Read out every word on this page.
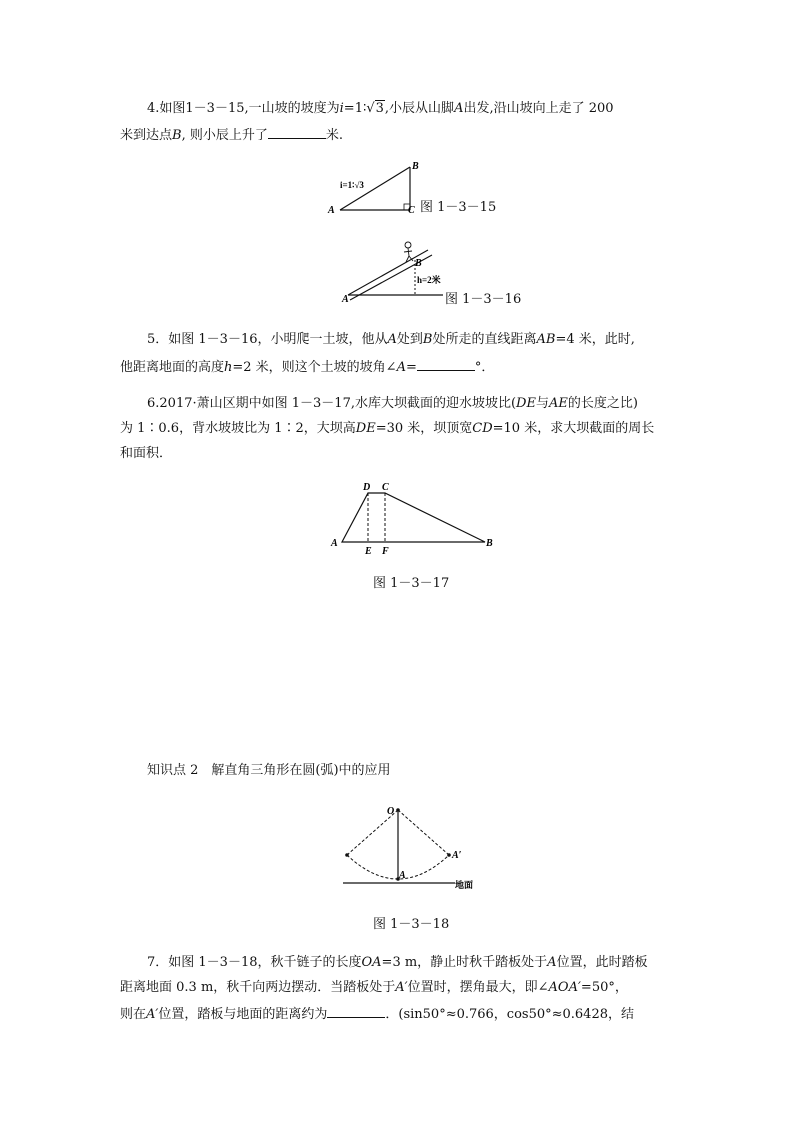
4.如图1－3－15,一山坡的坡度为i=1∶√3,小辰从山脚A出发,沿山坡向上走了 200
米到达点B, 则小辰上升了	米.
B
A	C
i=1∶√3
图 1－3－15
B
A
h=2米
图 1－3－16
5．如图 1－3－16，小明爬一土坡，他从A处到B处所走的直线距离AB=4 米，此时,
他距离地面的高度h=2 米，则这个土坡的坡角∠A=	°．
6.2017·萧山区期中如图 1－3－17,水库大坝截面的迎水坡坡比(DE与AE的长度之比)
为 1∶0.6，背水坡坡比为 1∶2，大坝高DE=30 米，坝顶宽CD=10 米，求大坝截面的周长
和面积．
D C
A
E F
B
图 1－3－17
知识点 2　解直角三角形在圆(弧)中的应用
O
A
A′
地面
图 1－3－18
7．如图 1－3－18，秋千链子的长度OA=3 m，静止时秋千踏板处于A位置，此时踏板
距离地面 0.3 m，秋千向两边摆动．当踏板处于A′位置时，摆角最大，即∠AOA′=50°，
则在A′位置，踏板与地面的距离约为	．(sin50°≈0.766，cos50°≈0.6428，结
